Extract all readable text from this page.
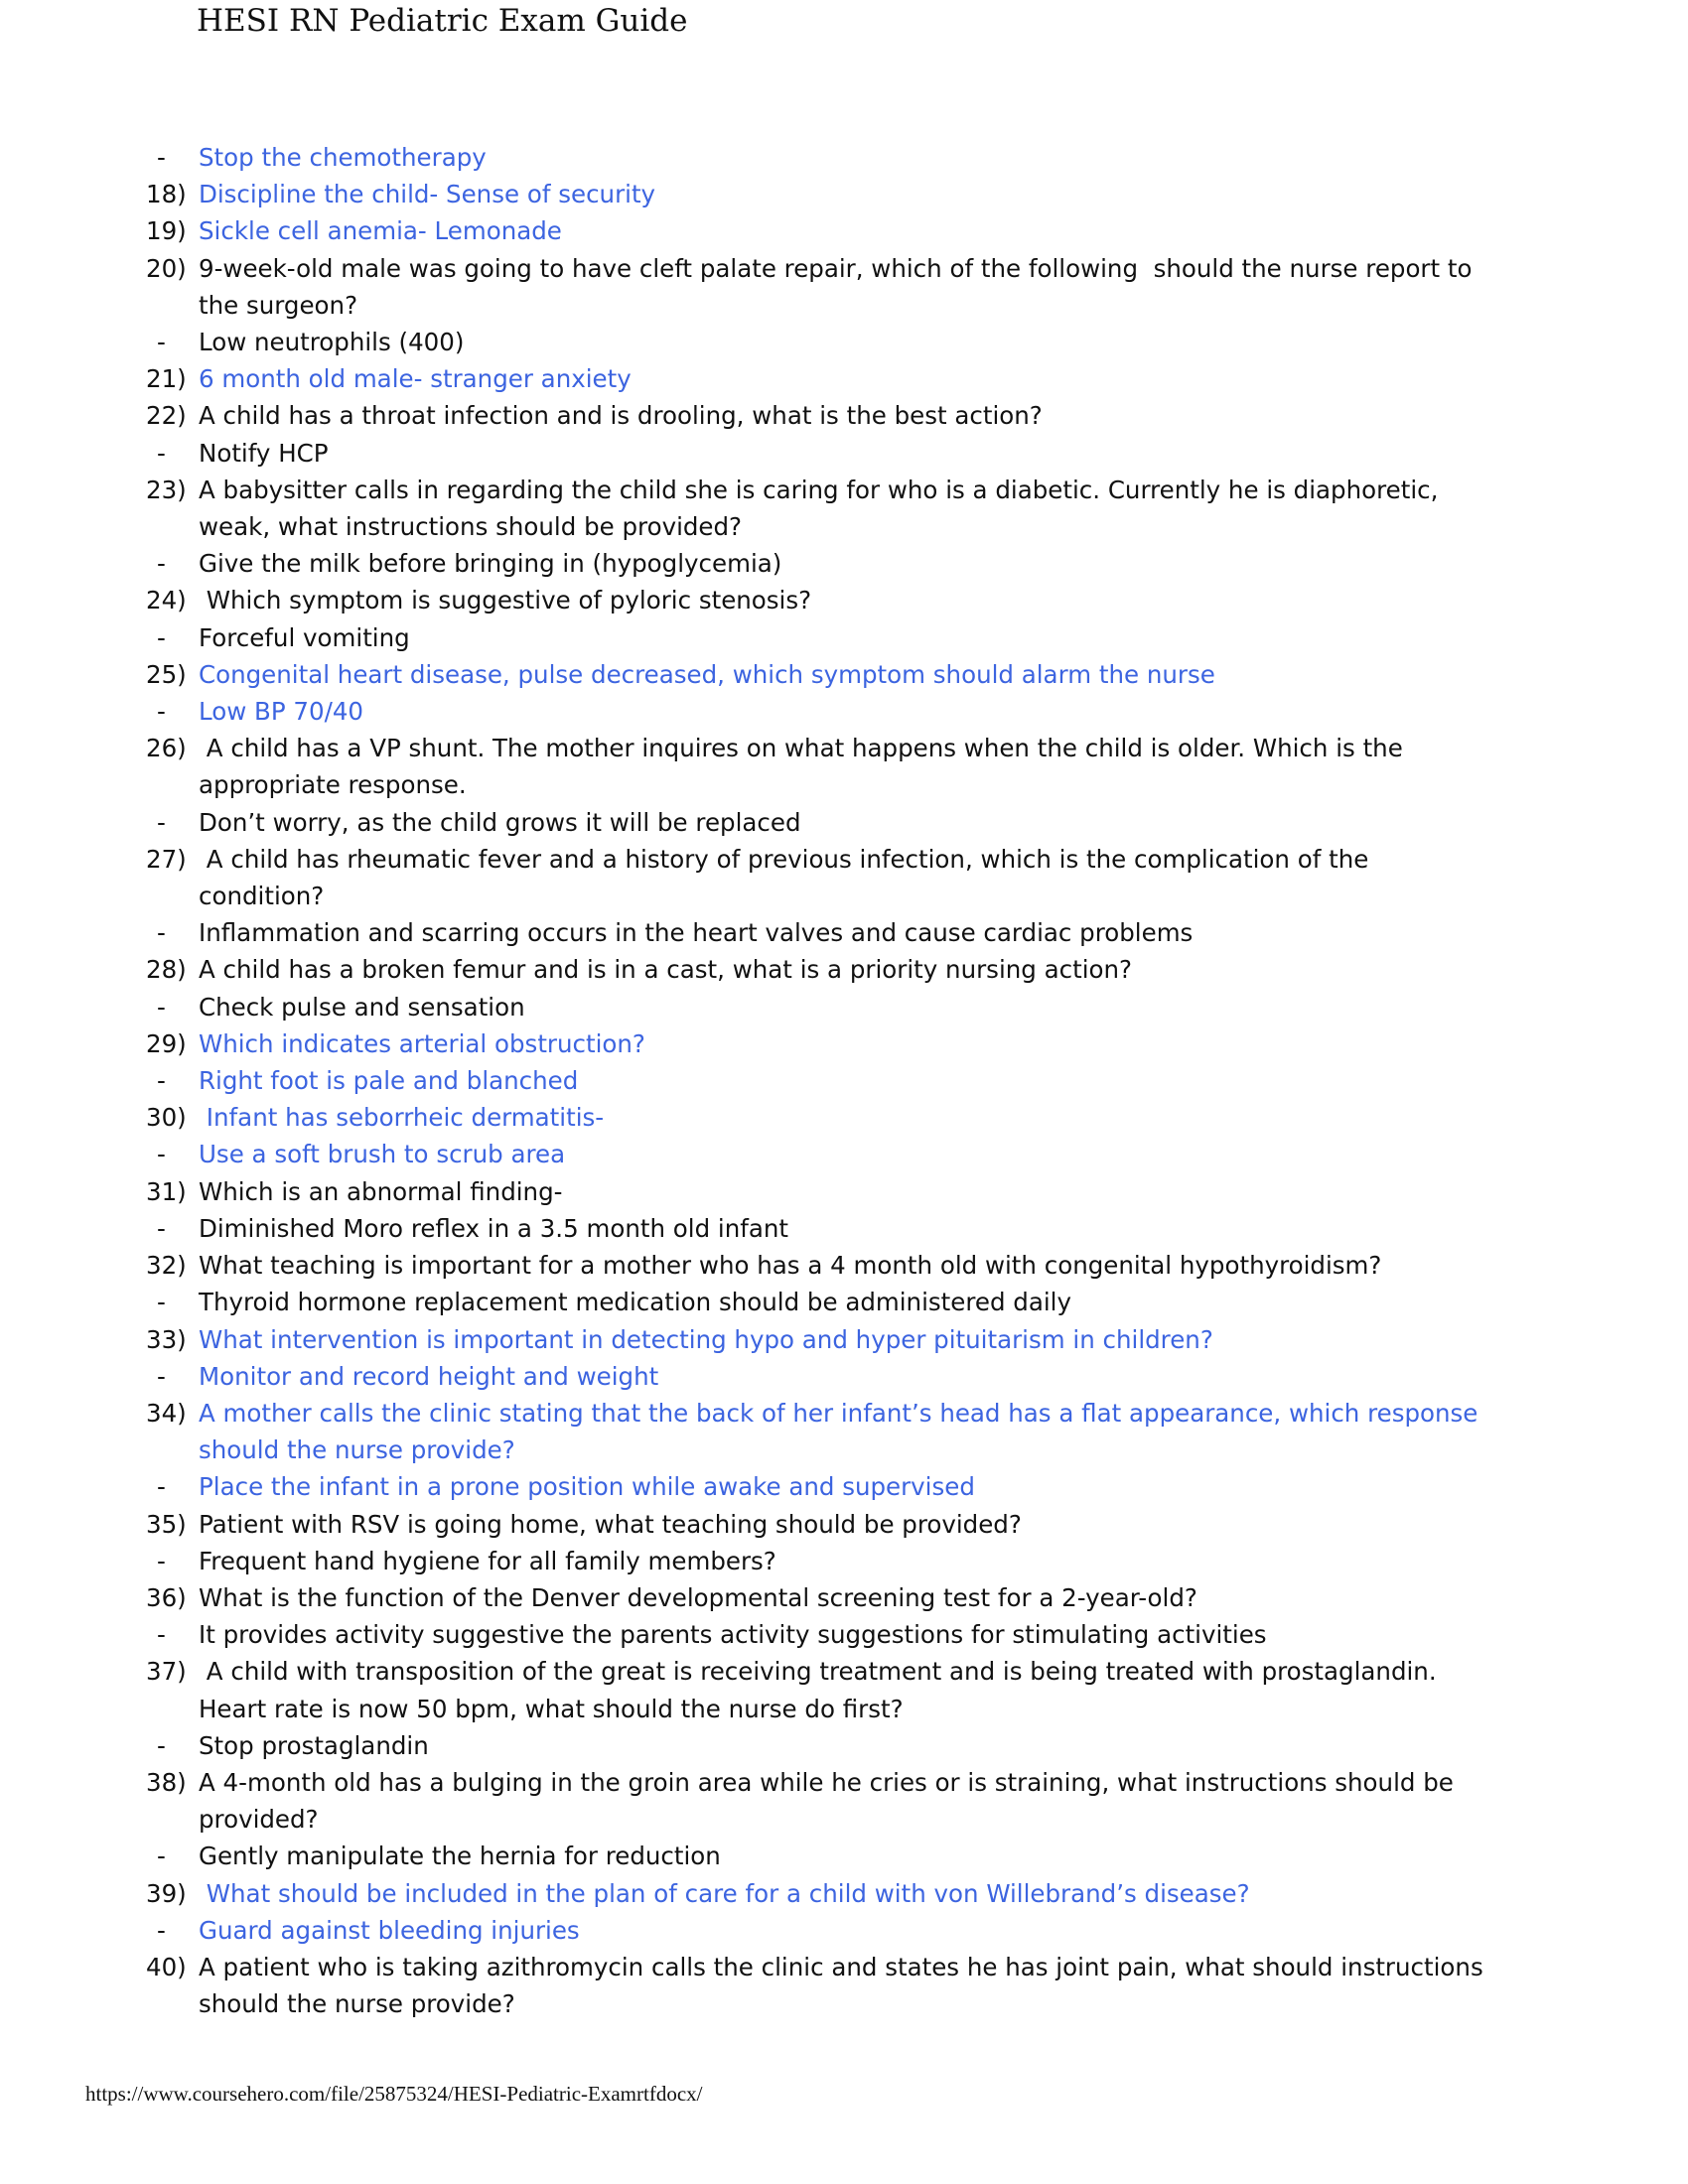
HESI RN Pediatric Exam Guide
-	Stop the chemotherapy
18) Discipline the child- Sense of security
19) Sickle cell anemia- Lemonade
20) 9-week-old male was going to have cleft palate repair, which of the following  should the nurse report to the surgeon?
-	Low neutrophils (400)
21) 6 month old male- stranger anxiety
22) A child has a throat infection and is drooling, what is the best action?
-	Notify HCP
23) A babysitter calls in regarding the child she is caring for who is a diabetic. Currently he is diaphoretic, weak, what instructions should be provided?
-	Give the milk before bringing in (hypoglycemia)
24) Which symptom is suggestive of pyloric stenosis?
-	Forceful vomiting
25) Congenital heart disease, pulse decreased, which symptom should alarm the nurse
-	Low BP 70/40
26) A child has a VP shunt. The mother inquires on what happens when the child is older. Which is the appropriate response.
-	Don’t worry, as the child grows it will be replaced
27) A child has rheumatic fever and a history of previous infection, which is the complication of the condition?
-	Inflammation and scarring occurs in the heart valves and cause cardiac problems
28) A child has a broken femur and is in a cast, what is a priority nursing action?
-	Check pulse and sensation
29) Which indicates arterial obstruction?
-	Right foot is pale and blanched
30) Infant has seborrheic dermatitis-
-	Use a soft brush to scrub area
31) Which is an abnormal finding-
-	Diminished Moro reflex in a 3.5 month old infant
32) What teaching is important for a mother who has a 4 month old with congenital hypothyroidism?
-	Thyroid hormone replacement medication should be administered daily
33) What intervention is important in detecting hypo and hyper pituitarism in children?
-	Monitor and record height and weight
34) A mother calls the clinic stating that the back of her infant’s head has a flat appearance, which response should the nurse provide?
-	Place the infant in a prone position while awake and supervised
35) Patient with RSV is going home, what teaching should be provided?
-	Frequent hand hygiene for all family members?
36) What is the function of the Denver developmental screening test for a 2-year-old?
-	It provides activity suggestive the parents activity suggestions for stimulating activities
37) A child with transposition of the great is receiving treatment and is being treated with prostaglandin. Heart rate is now 50 bpm, what should the nurse do first?
-	Stop prostaglandin
38) A 4-month old has a bulging in the groin area while he cries or is straining, what instructions should be provided?
-	Gently manipulate the hernia for reduction
39) What should be included in the plan of care for a child with von Willebrand’s disease?
-	Guard against bleeding injuries
40) A patient who is taking azithromycin calls the clinic and states he has joint pain, what should instructions should the nurse provide?
https://www.coursehero.com/file/25875324/HESI-Pediatric-Examrtfdocx/
